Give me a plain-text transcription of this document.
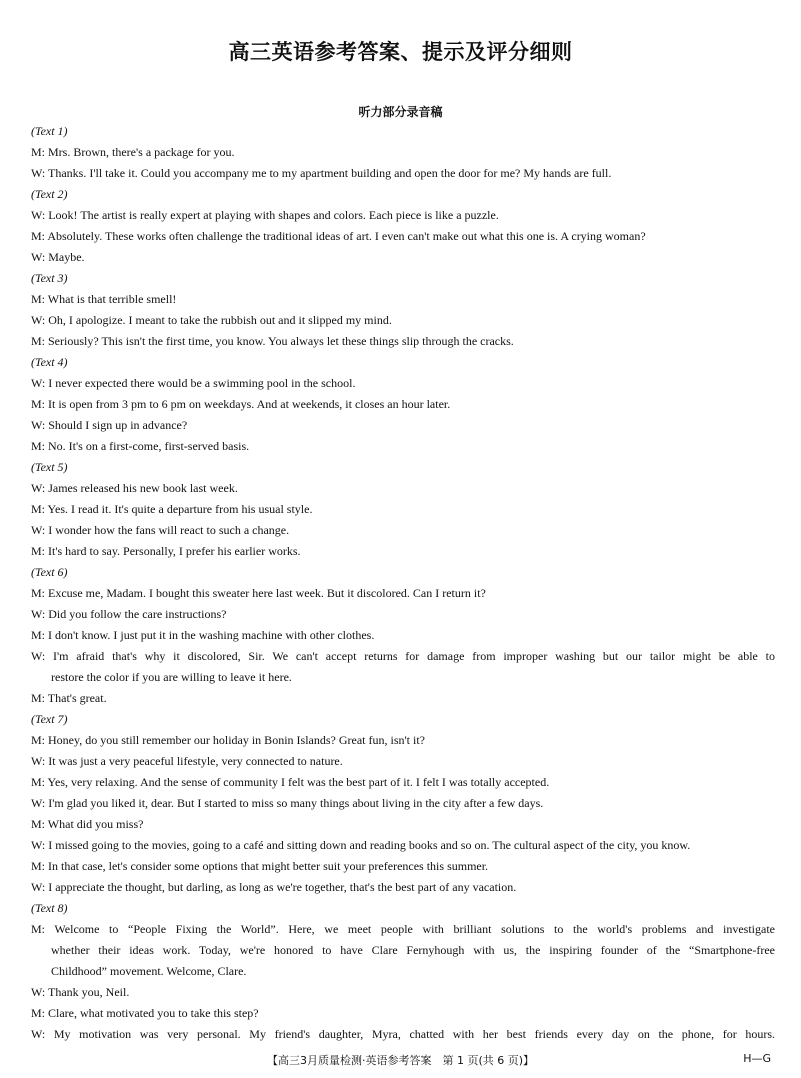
高三英语参考答案、提示及评分细则
听力部分录音稿
(Text 1)
M: Mrs. Brown, there's a package for you.
W: Thanks. I'll take it. Could you accompany me to my apartment building and open the door for me? My hands are full.
(Text 2)
W: Look! The artist is really expert at playing with shapes and colors. Each piece is like a puzzle.
M: Absolutely. These works often challenge the traditional ideas of art. I even can't make out what this one is. A crying woman?
W: Maybe.
(Text 3)
M: What is that terrible smell!
W: Oh, I apologize. I meant to take the rubbish out and it slipped my mind.
M: Seriously? This isn't the first time, you know. You always let these things slip through the cracks.
(Text 4)
W: I never expected there would be a swimming pool in the school.
M: It is open from 3 pm to 6 pm on weekdays. And at weekends, it closes an hour later.
W: Should I sign up in advance?
M: No. It's on a first-come, first-served basis.
(Text 5)
W: James released his new book last week.
M: Yes. I read it. It's quite a departure from his usual style.
W: I wonder how the fans will react to such a change.
M: It's hard to say. Personally, I prefer his earlier works.
(Text 6)
M: Excuse me, Madam. I bought this sweater here last week. But it discolored. Can I return it?
W: Did you follow the care instructions?
M: I don't know. I just put it in the washing machine with other clothes.
W: I'm afraid that's why it discolored, Sir. We can't accept returns for damage from improper washing but our tailor might be able to
restore the color if you are willing to leave it here.
M: That's great.
(Text 7)
M: Honey, do you still remember our holiday in Bonin Islands? Great fun, isn't it?
W: It was just a very peaceful lifestyle, very connected to nature.
M: Yes, very relaxing. And the sense of community I felt was the best part of it. I felt I was totally accepted.
W: I'm glad you liked it, dear. But I started to miss so many things about living in the city after a few days.
M: What did you miss?
W: I missed going to the movies, going to a café and sitting down and reading books and so on. The cultural aspect of the city, you know.
M: In that case, let's consider some options that might better suit your preferences this summer.
W: I appreciate the thought, but darling, as long as we're together, that's the best part of any vacation.
(Text 8)
M: Welcome to “People Fixing the World”. Here, we meet people with brilliant solutions to the world's problems and investigate
whether their ideas work. Today, we're honored to have Clare Fernyhough with us, the inspiring founder of the “Smartphone-free
Childhood” movement. Welcome, Clare.
W: Thank you, Neil.
M: Clare, what motivated you to take this step?
W: My motivation was very personal. My friend's daughter, Myra, chatted with her best friends every day on the phone, for hours.
【高三3月质量检测·英语参考答案　第 1 页(共 6 页)】	H—G
